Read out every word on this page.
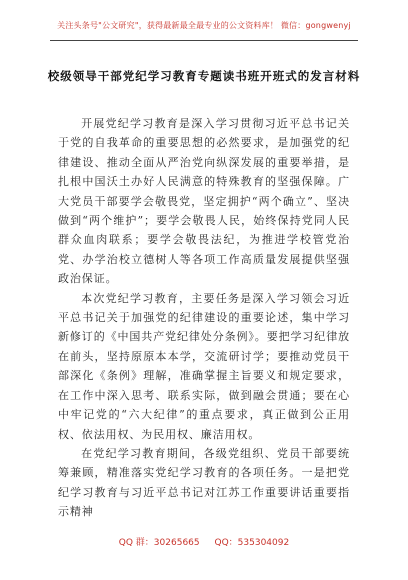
关注头条号"公文研究"，获得最新最全最专业的公文资料库！ 微信：gongwenyj
校级领导干部党纪学习教育专题读书班开班式的发言材料

开展党纪学习教育是深入学习贯彻习近平总书记关于党的自我革命的重要思想的必然要求，是加强党的纪律建设、推动全面从严治党向纵深发展的重要举措，是扎根中国沃土办好人民满意的特殊教育的坚强保障。广大党员干部要学会敬畏党，坚定拥护“两个确立”、坚决做到“两个维护”；要学会敬畏人民，始终保持党同人民群众血肉联系；要学会敬畏法纪，为推进学校管党治党、办学治校立德树人等各项工作高质量发展提供坚强政治保证。

本次党纪学习教育，主要任务是深入学习领会习近平总书记关于加强党的纪律建设的重要论述，集中学习新修订的《中国共产党纪律处分条例》。要把学习纪律放在前头，坚持原原本本学，交流研讨学；要推动党员干部深化《条例》理解，准确掌握主旨要义和规定要求，在工作中深入思考、联系实际，做到融会贯通；要在心中牢记党的“六大纪律”的重点要求，真正做到公正用权、依法用权、为民用权、廉洁用权。

在党纪学习教育期间，各级党组织、党员干部要统筹兼顾，精准落实党纪学习教育的各项任务。一是把党纪学习教育与习近平总书记对江苏工作重要讲话重要指示精神

QQ 群：30265665 QQ：535304092
